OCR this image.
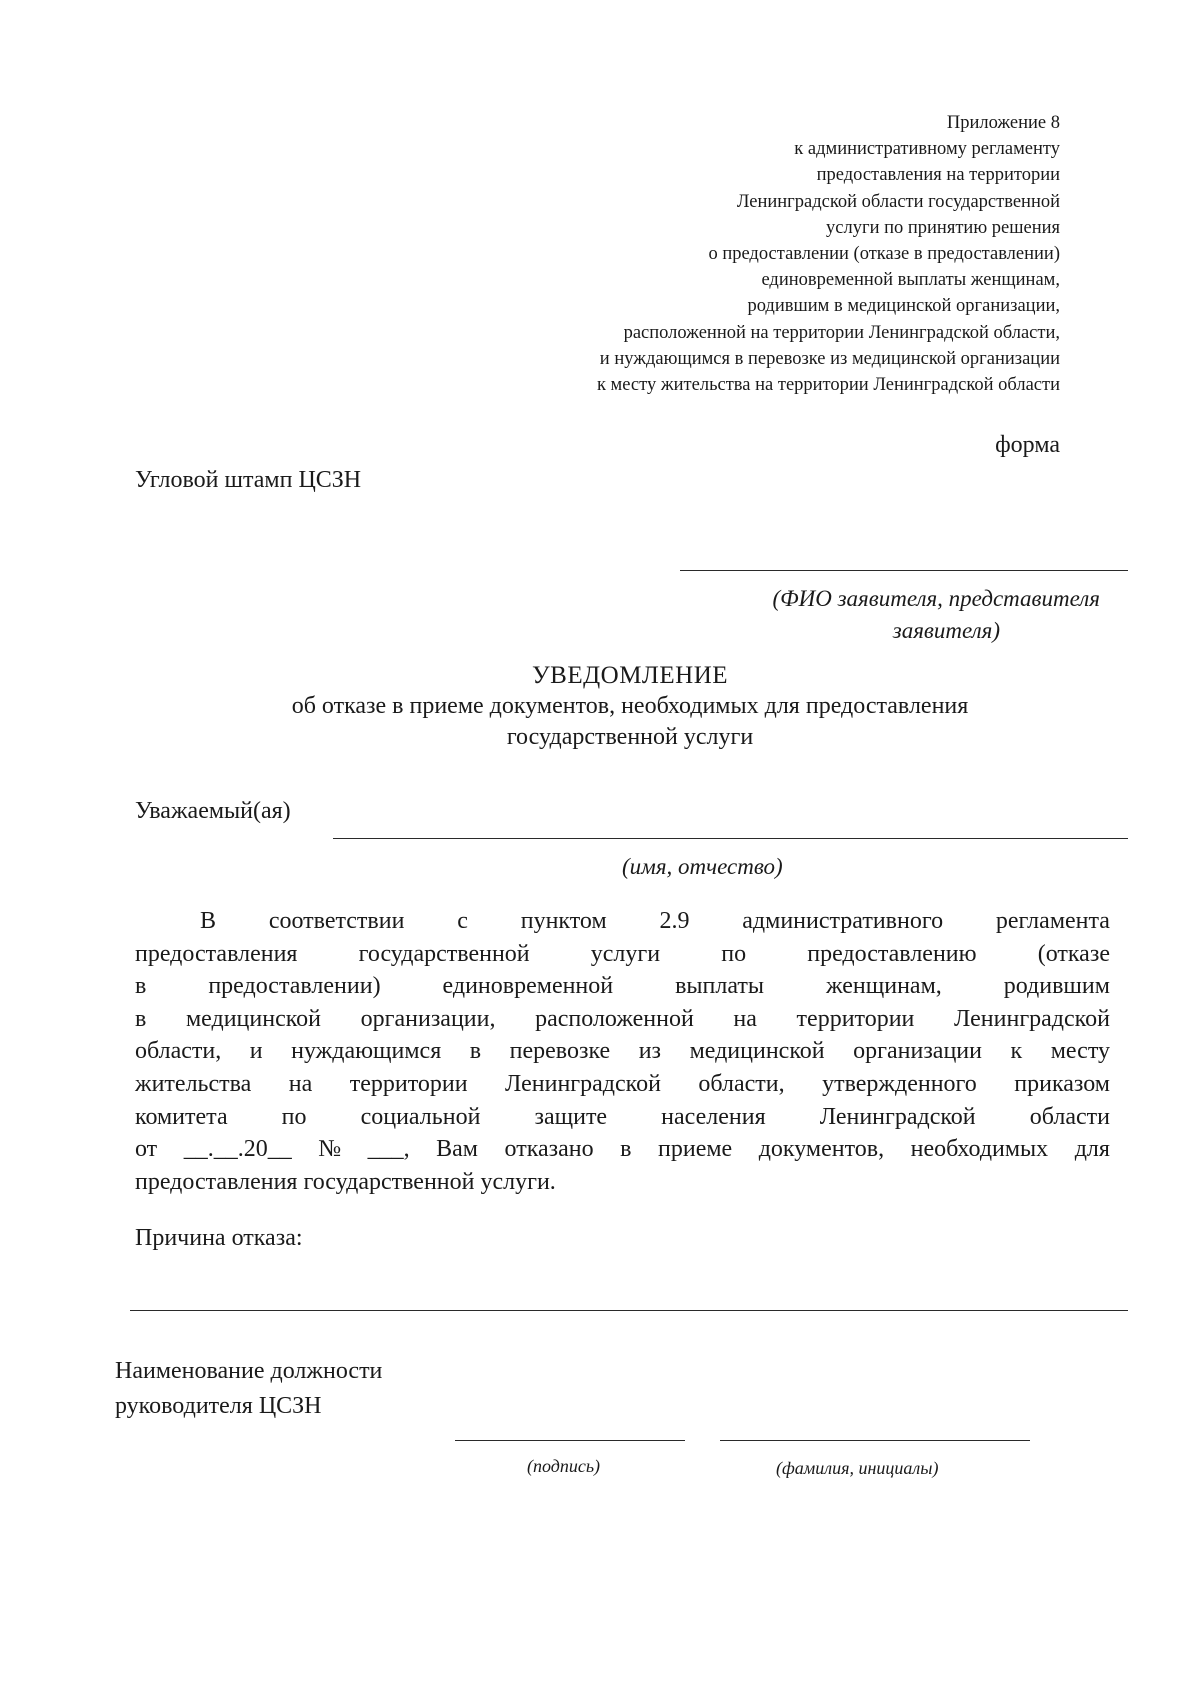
Приложение 8
к административному регламенту
предоставления на территории
Ленинградской области государственной
услуги по принятию решения
о предоставлении (отказе в предоставлении)
единовременной выплаты женщинам,
родившим в медицинской организации,
расположенной на территории Ленинградской области,
и нуждающимся в перевозке из медицинской организации
к месту жительства на территории Ленинградской области
форма
Угловой штамп ЦСЗН
(ФИО заявителя, представителя
заявителя)
УВЕДОМЛЕНИЕ
об отказе в приеме документов, необходимых для предоставления
государственной услуги
Уважаемый(ая)
(имя, отчество)
В соответствии с пунктом 2.9 административного регламента
предоставления	государственной	услуги	по	предоставлению	(отказе
в	предоставлении)	единовременной	выплаты	женщинам,	родившим
в медицинской организации, расположенной на территории Ленинградской
области, и нуждающимся в перевозке из медицинской организации к месту
жительства на территории Ленинградской области, утвержденного приказом
комитета по социальной защите населения Ленинградской области
от __.__.20__ № ___, Вам отказано в приеме документов, необходимых для
предоставления государственной услуги.
Причина отказа:
Наименование должности
руководителя ЦСЗН
(подпись)	(фамилия, инициалы)
